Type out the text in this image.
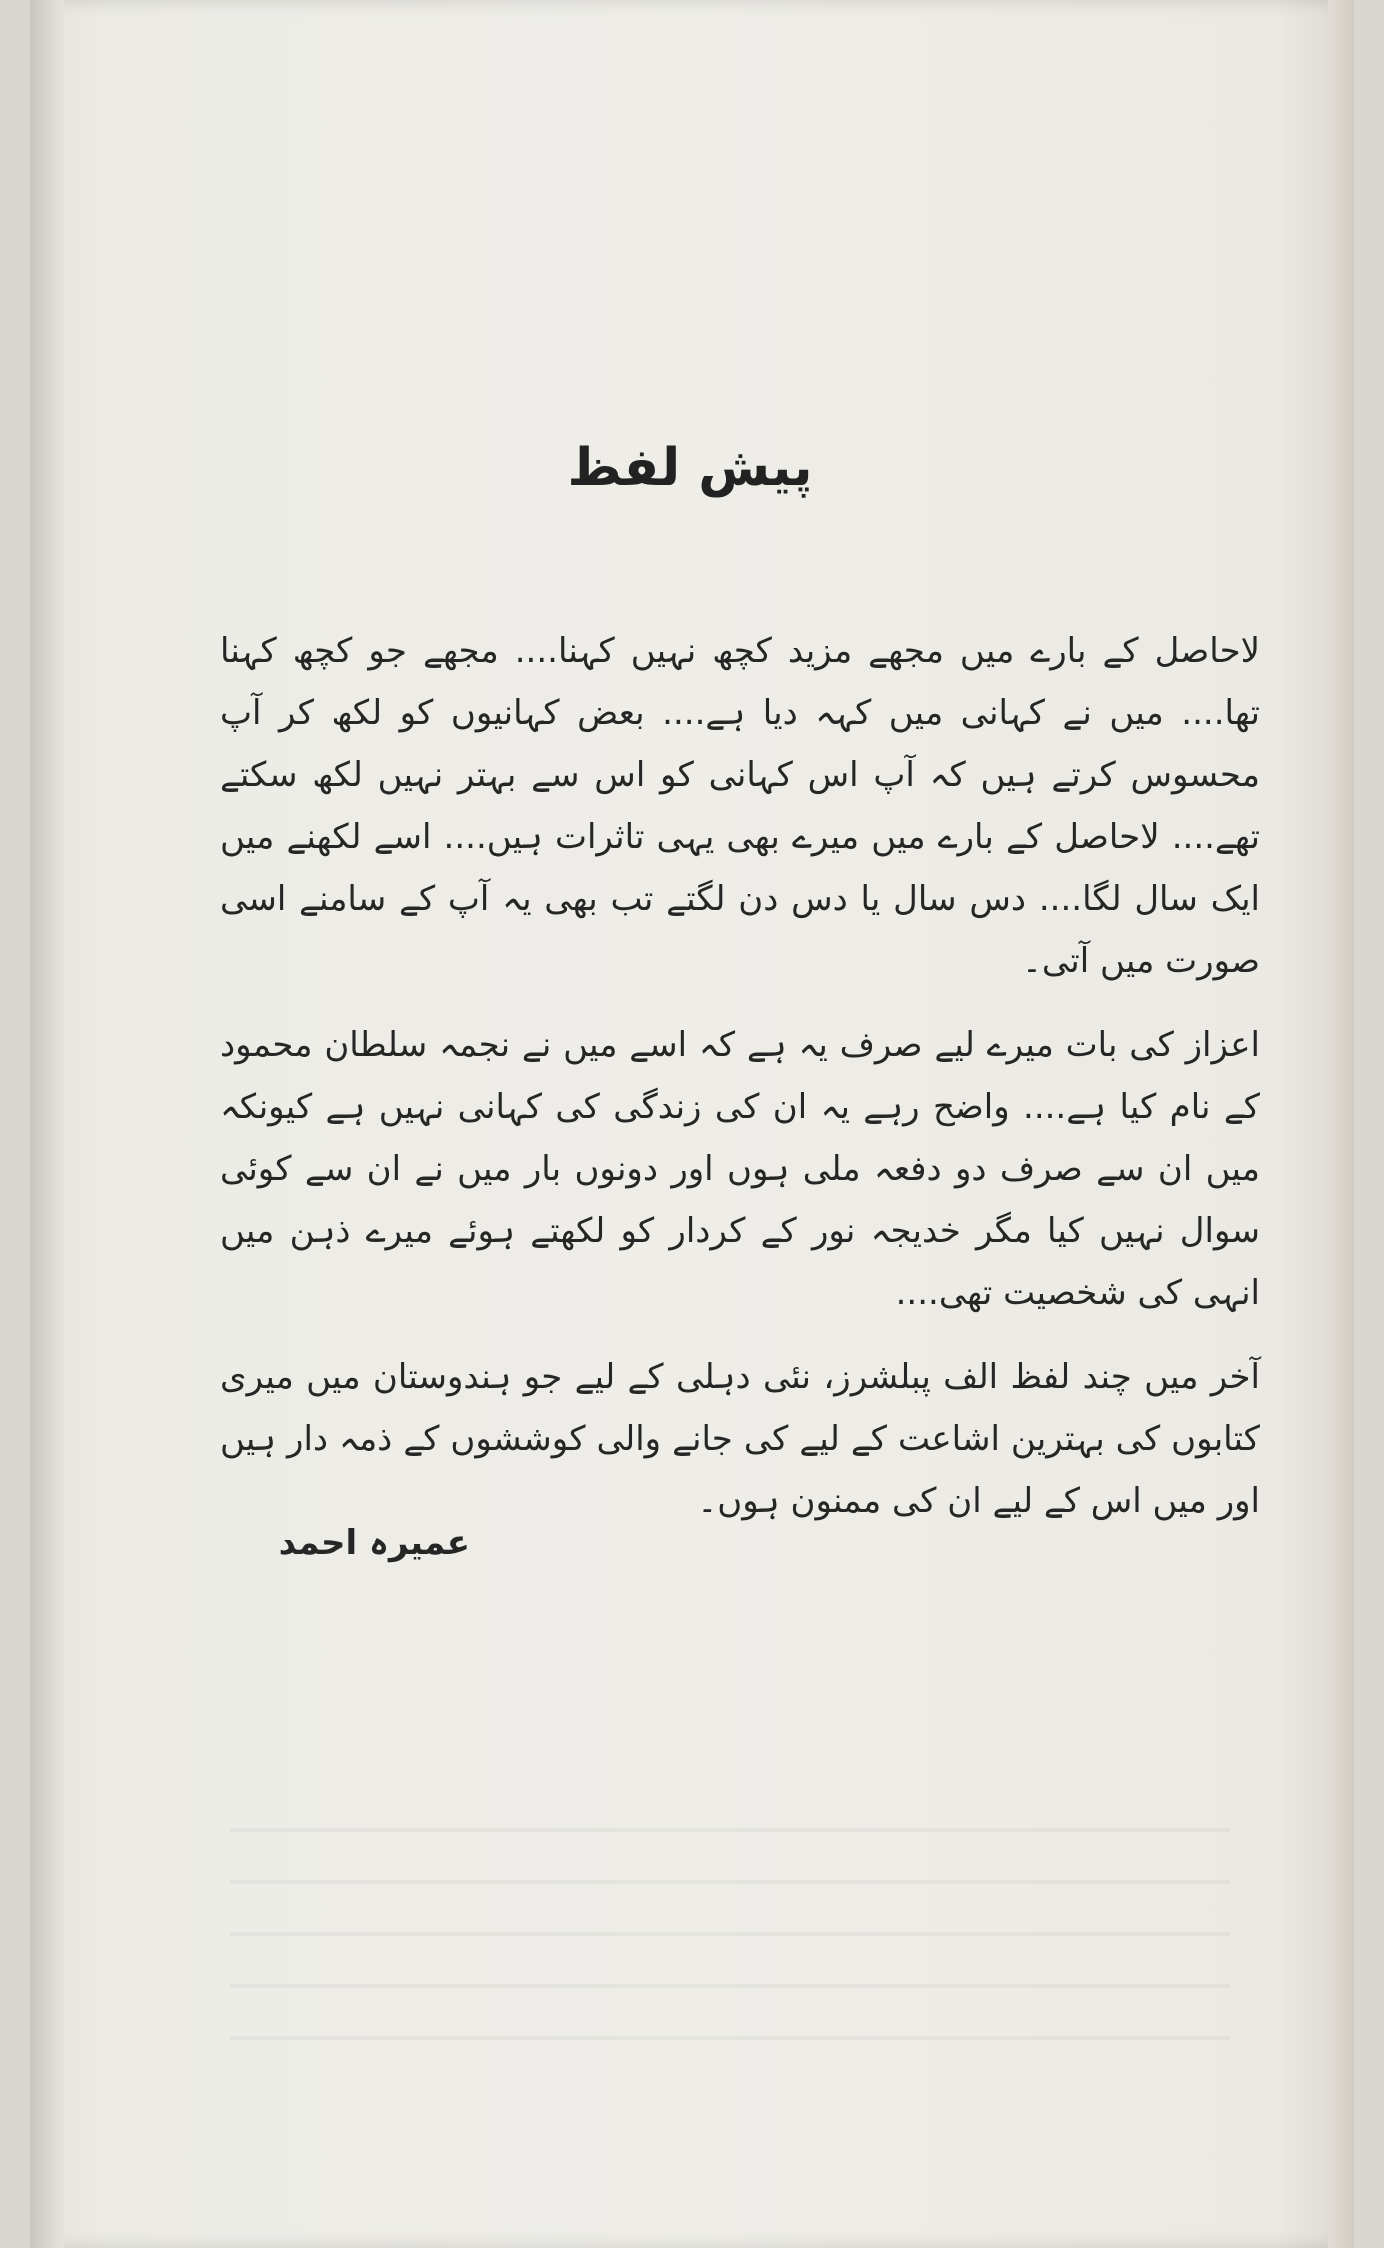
پیش لفظ

لاحاصل کے بارے میں مجھے مزید کچھ نہیں کہنا.... مجھے جو کچھ کہنا تھا.... میں نے کہانی میں کہہ دیا ہے.... بعض کہانیوں کو لکھ کر آپ محسوس کرتے ہیں کہ آپ اس کہانی کو اس سے بہتر نہیں لکھ سکتے تھے.... لاحاصل کے بارے میں میرے بھی یہی تاثرات ہیں.... اسے لکھنے میں ایک سال لگا.... دس سال یا دس دن لگتے تب بھی یہ آپ کے سامنے اسی صورت میں آتی۔

اعزاز کی بات میرے لیے صرف یہ ہے کہ اسے میں نے نجمہ سلطان محمود کے نام کیا ہے.... واضح رہے یہ ان کی زندگی کی کہانی نہیں ہے کیونکہ میں ان سے صرف دو دفعہ ملی ہوں اور دونوں بار میں نے ان سے کوئی سوال نہیں کیا مگر خدیجہ نور کے کردار کو لکھتے ہوئے میرے ذہن میں انہی کی شخصیت تھی....

آخر میں چند لفظ الف پبلشرز، نئی دہلی کے لیے جو ہندوستان میں میری کتابوں کی بہترین اشاعت کے لیے کی جانے والی کوششوں کے ذمہ دار ہیں اور میں اس کے لیے ان کی ممنون ہوں۔

عمیرہ احمد
